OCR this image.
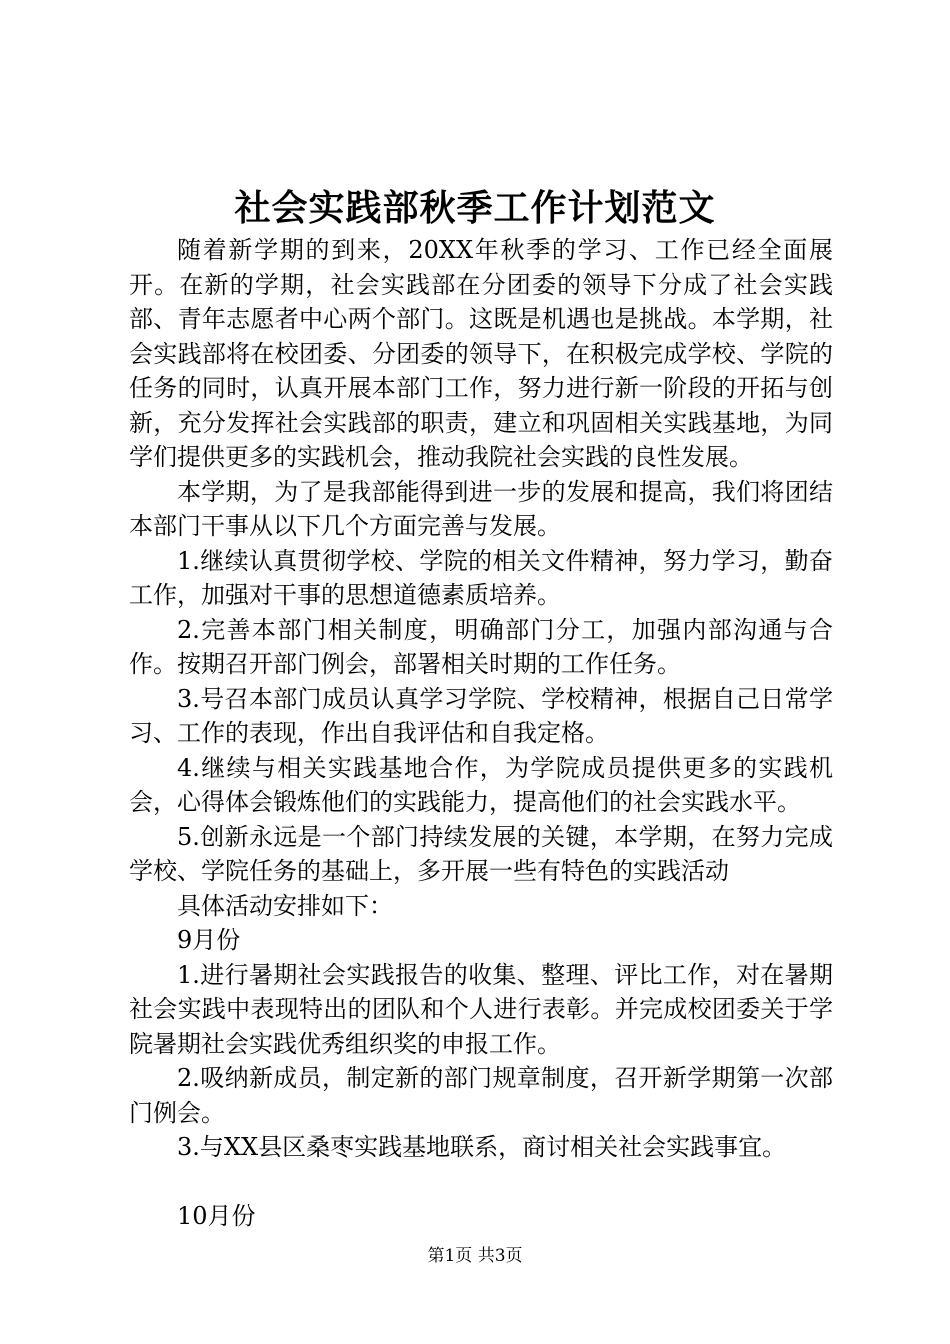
社会实践部秋季工作计划范文

随着新学期的到来，20XX年秋季的学习、工作已经全面展开。在新的学期，社会实践部在分团委的领导下分成了社会实践部、青年志愿者中心两个部门。这既是机遇也是挑战。本学期，社会实践部将在校团委、分团委的领导下，在积极完成学校、学院的任务的同时，认真开展本部门工作，努力进行新一阶段的开拓与创新，充分发挥社会实践部的职责，建立和巩固相关实践基地，为同学们提供更多的实践机会，推动我院社会实践的良性发展。

本学期，为了是我部能得到进一步的发展和提高，我们将团结本部门干事从以下几个方面完善与发展。

1.继续认真贯彻学校、学院的相关文件精神，努力学习，勤奋工作，加强对干事的思想道德素质培养。

2.完善本部门相关制度，明确部门分工，加强内部沟通与合作。按期召开部门例会，部署相关时期的工作任务。

3.号召本部门成员认真学习学院、学校精神，根据自己日常学习、工作的表现，作出自我评估和自我定格。

4.继续与相关实践基地合作，为学院成员提供更多的实践机会，心得体会锻炼他们的实践能力，提高他们的社会实践水平。

5.创新永远是一个部门持续发展的关键，本学期，在努力完成学校、学院任务的基础上，多开展一些有特色的实践活动

具体活动安排如下：

9月份

1.进行暑期社会实践报告的收集、整理、评比工作，对在暑期社会实践中表现特出的团队和个人进行表彰。并完成校团委关于学院暑期社会实践优秀组织奖的申报工作。

2.吸纳新成员，制定新的部门规章制度，召开新学期第一次部门例会。

3.与XX县区桑枣实践基地联系，商讨相关社会实践事宜。

10月份

第1页 共3页
